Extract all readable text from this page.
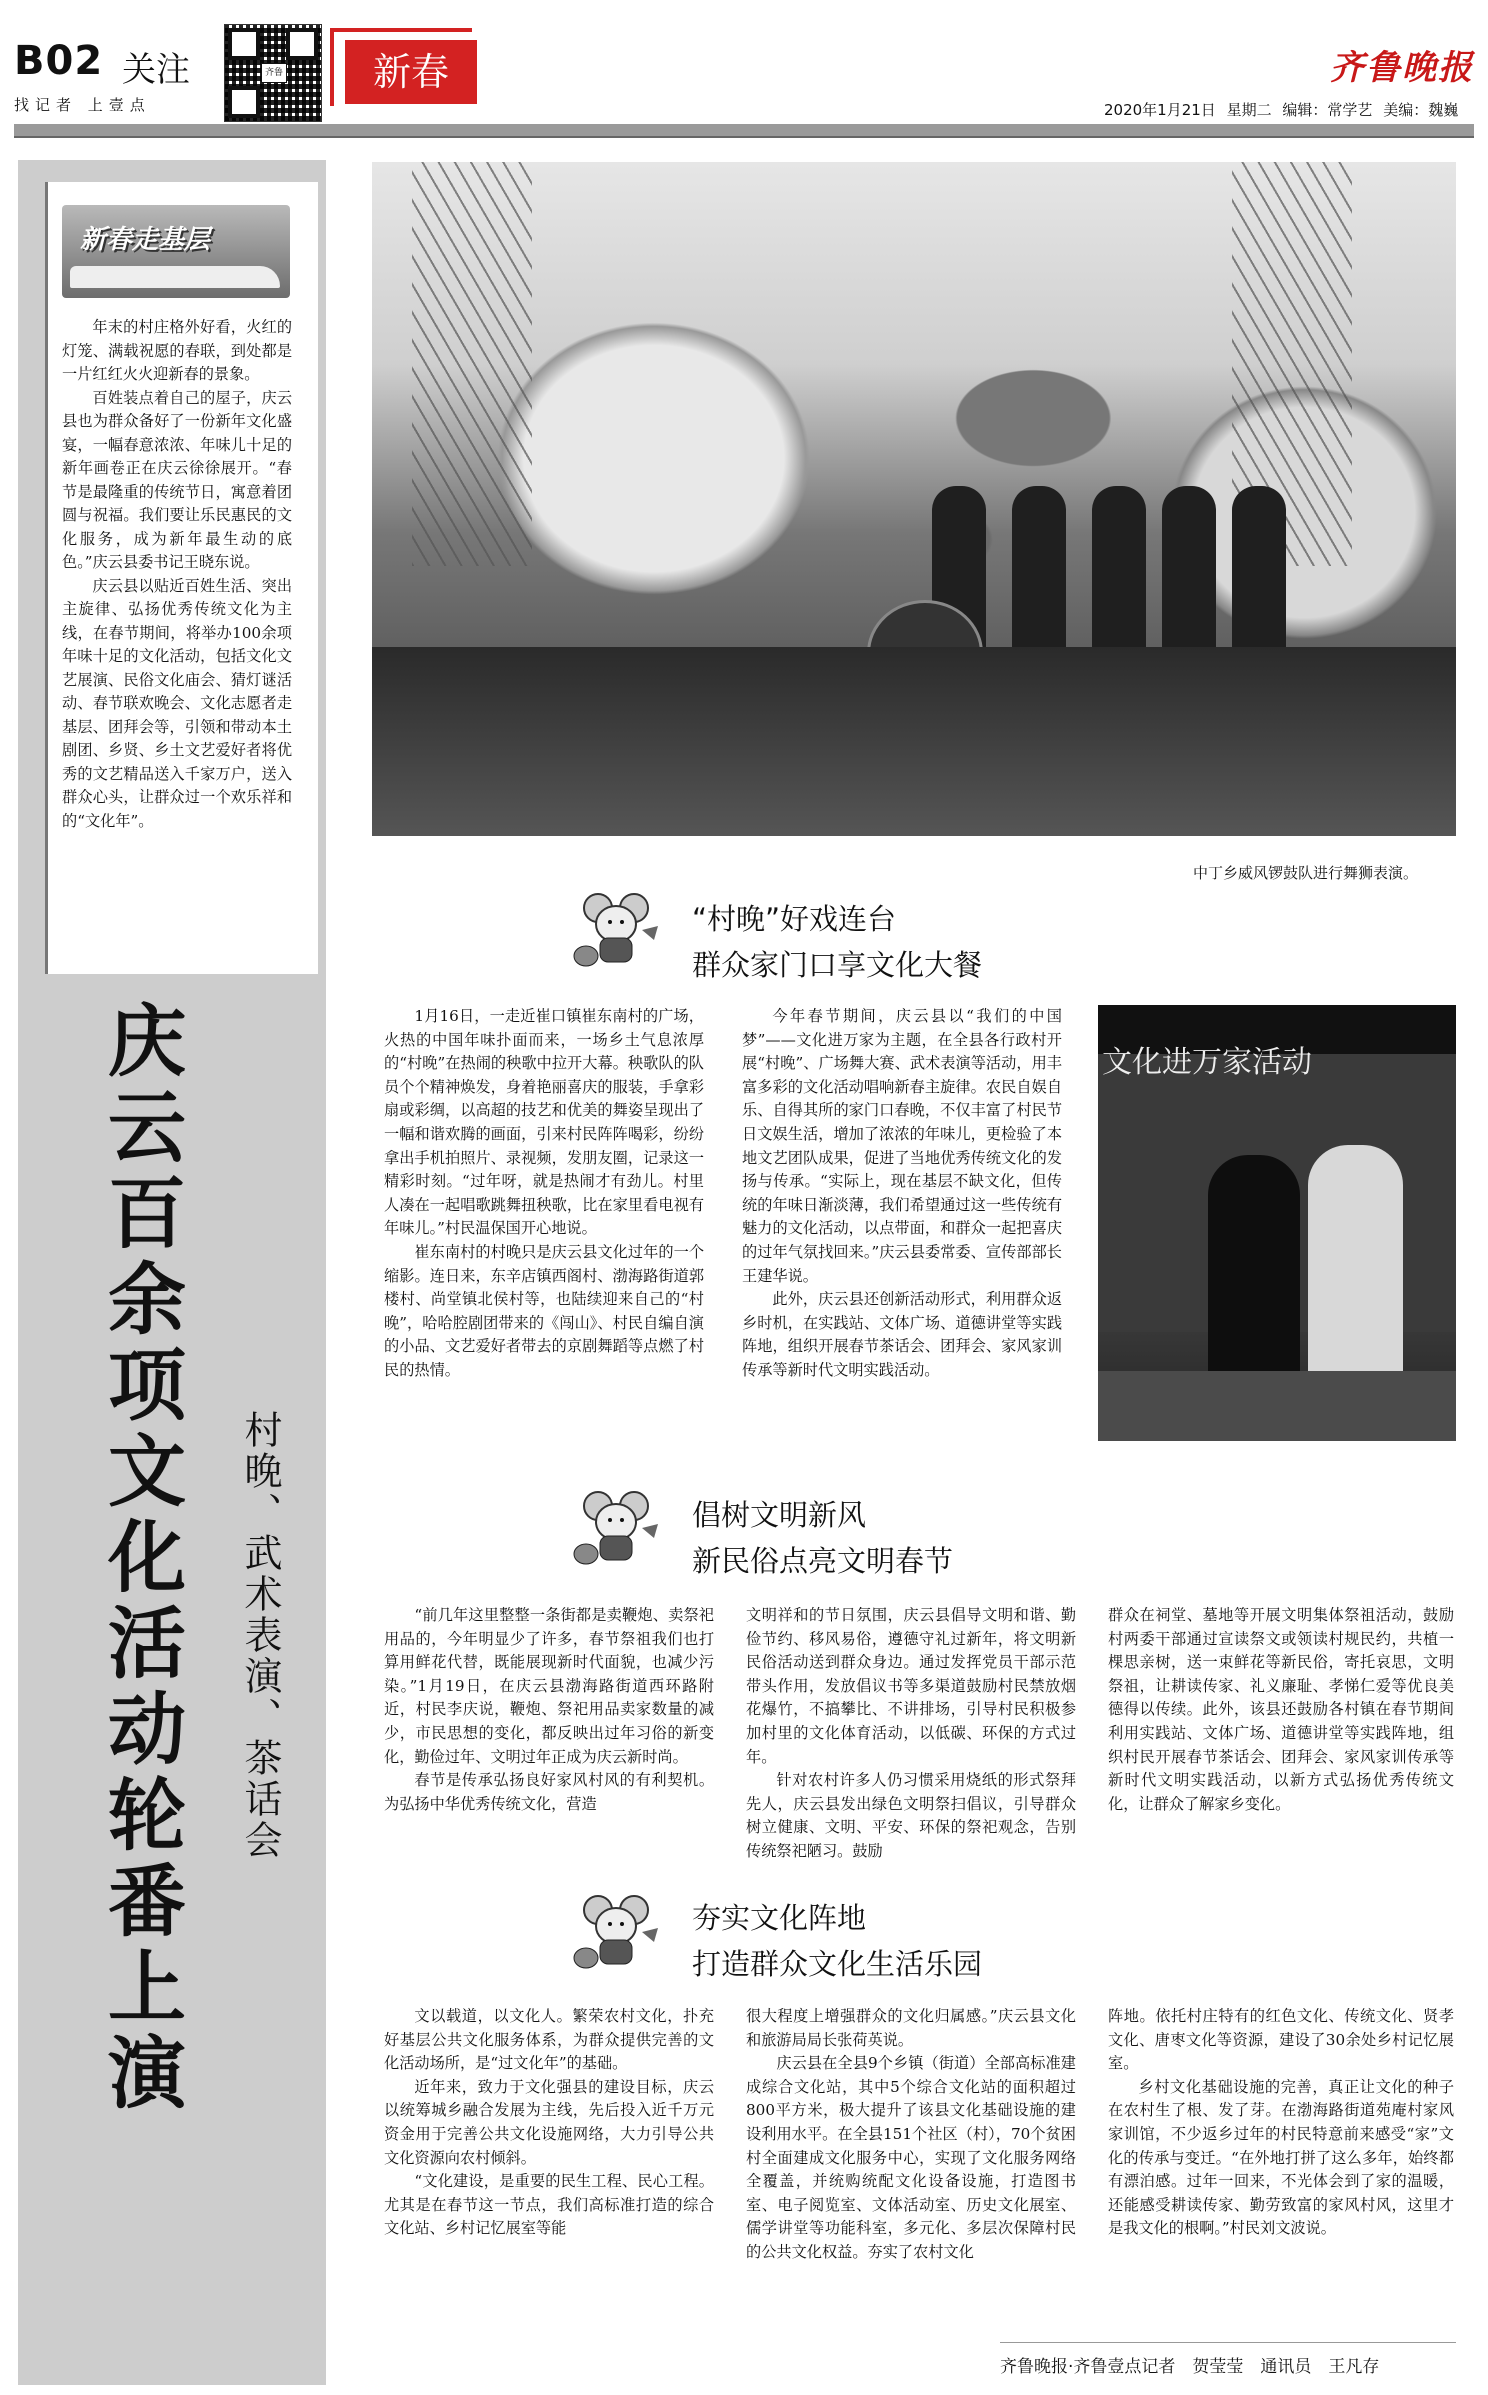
B02 关注
找记者 上壹点
齐鲁	新春	齐鲁晚报
2020年1月21日 星期二 编辑：常学艺 美编：魏巍
新春走基层

年末的村庄格外好看，火红的灯笼、满载祝愿的春联，到处都是一片红红火火迎新春的景象。

百姓装点着自己的屋子，庆云县也为群众备好了一份新年文化盛宴，一幅春意浓浓、年味儿十足的新年画卷正在庆云徐徐展开。“春节是最隆重的传统节日，寓意着团圆与祝福。我们要让乐民惠民的文化服务，成为新年最生动的底色。”庆云县委书记王晓东说。

庆云县以贴近百姓生活、突出主旋律、弘扬优秀传统文化为主线，在春节期间，将举办100余项年味十足的文化活动，包括文化文艺展演、民俗文化庙会、猜灯谜活动、春节联欢晚会、文化志愿者走基层、团拜会等，引领和带动本土剧团、乡贤、乡土文艺爱好者将优秀的文艺精品送入千家万户，送入群众心头，让群众过一个欢乐祥和的“文化年”。

庆云百余项文化活动轮番上演	村晚、武术表演、茶话会
中丁乡威风锣鼓队进行舞狮表演。
“村晚”好戏连台
群众家门口享文化大餐

1月16日，一走近崔口镇崔东南村的广场，火热的中国年味扑面而来，一场乡土气息浓厚的“村晚”在热闹的秧歌中拉开大幕。秧歌队的队员个个精神焕发，身着艳丽喜庆的服装，手拿彩扇或彩绸，以高超的技艺和优美的舞姿呈现出了一幅和谐欢腾的画面，引来村民阵阵喝彩，纷纷拿出手机拍照片、录视频，发朋友圈，记录这一精彩时刻。“过年呀，就是热闹才有劲儿。村里人凑在一起唱歌跳舞扭秧歌，比在家里看电视有年味儿。”村民温保国开心地说。

崔东南村的村晚只是庆云县文化过年的一个缩影。连日来，东辛店镇西阁村、渤海路街道郭楼村、尚堂镇北侯村等，也陆续迎来自己的“村晚”，哈哈腔剧团带来的《闯山》、村民自编自演的小品、文艺爱好者带去的京剧舞蹈等点燃了村民的热情。

今年春节期间，庆云县以“我们的中国梦”——文化进万家为主题，在全县各行政村开展“村晚”、广场舞大赛、武术表演等活动，用丰富多彩的文化活动唱响新春主旋律。农民自娱自乐、自得其所的家门口春晚，不仅丰富了村民节日文娱生活，增加了浓浓的年味儿，更检验了本地文艺团队成果，促进了当地优秀传统文化的发扬与传承。“实际上，现在基层不缺文化，但传统的年味日渐淡薄，我们希望通过这一些传统有魅力的文化活动，以点带面，和群众一起把喜庆的过年气氛找回来。”庆云县委常委、宣传部部长王建华说。

此外，庆云县还创新活动形式，利用群众返乡时机，在实践站、文体广场、道德讲堂等实践阵地，组织开展春节茶话会、团拜会、家风家训传承等新时代文明实践活动。

文化进万家活动
倡树文明新风
新民俗点亮文明春节

“前几年这里整整一条街都是卖鞭炮、卖祭祀用品的，今年明显少了许多，春节祭祖我们也打算用鲜花代替，既能展现新时代面貌，也减少污染。”1月19日，在庆云县渤海路街道西环路附近，村民李庆说，鞭炮、祭祀用品卖家数量的减少，市民思想的变化，都反映出过年习俗的新变化，勤俭过年、文明过年正成为庆云新时尚。

春节是传承弘扬良好家风村风的有利契机。为弘扬中华优秀传统文化，营造

文明祥和的节日氛围，庆云县倡导文明和谐、勤俭节约、移风易俗，遵德守礼过新年，将文明新民俗活动送到群众身边。通过发挥党员干部示范带头作用，发放倡议书等多渠道鼓励村民禁放烟花爆竹，不搞攀比、不讲排场，引导村民积极参加村里的文化体育活动，以低碳、环保的方式过年。

针对农村许多人仍习惯采用烧纸的形式祭拜先人，庆云县发出绿色文明祭扫倡议，引导群众树立健康、文明、平安、环保的祭祀观念，告别传统祭祀陋习。鼓励

群众在祠堂、墓地等开展文明集体祭祖活动，鼓励村两委干部通过宣读祭文或领读村规民约，共植一棵思亲树，送一束鲜花等新民俗，寄托哀思，文明祭祖，让耕读传家、礼义廉耻、孝悌仁爱等优良美德得以传续。此外，该县还鼓励各村镇在春节期间利用实践站、文体广场、道德讲堂等实践阵地，组织村民开展春节茶话会、团拜会、家风家训传承等新时代文明实践活动，以新方式弘扬优秀传统文化，让群众了解家乡变化。

夯实文化阵地
打造群众文化生活乐园

文以载道，以文化人。繁荣农村文化，扑充好基层公共文化服务体系，为群众提供完善的文化活动场所，是“过文化年”的基础。

近年来，致力于文化强县的建设目标，庆云以统筹城乡融合发展为主线，先后投入近千万元资金用于完善公共文化设施网络，大力引导公共文化资源向农村倾斜。

“文化建设，是重要的民生工程、民心工程。尤其是在春节这一节点，我们高标准打造的综合文化站、乡村记忆展室等能

很大程度上增强群众的文化归属感。”庆云县文化和旅游局局长张荷英说。

庆云县在全县9个乡镇（街道）全部高标准建成综合文化站，其中5个综合文化站的面积超过800平方米，极大提升了该县文化基础设施的建设利用水平。在全县151个社区（村），70个贫困村全面建成文化服务中心，实现了文化服务网络全覆盖，并统购统配文化设备设施，打造图书室、电子阅览室、文体活动室、历史文化展室、儒学讲堂等功能科室，多元化、多层次保障村民的公共文化权益。夯实了农村文化

阵地。依托村庄特有的红色文化、传统文化、贤孝文化、唐枣文化等资源，建设了30余处乡村记忆展室。

乡村文化基础设施的完善，真正让文化的种子在农村生了根、发了芽。在渤海路街道苑庵村家风家训馆，不少返乡过年的村民特意前来感受“家”文化的传承与变迁。“在外地打拼了这么多年，始终都有漂泊感。过年一回来，不光体会到了家的温暖，还能感受耕读传家、勤劳致富的家风村风，这里才是我文化的根啊。”村民刘文波说。

齐鲁晚报·齐鲁壹点记者　贺莹莹　通讯员　王凡存
